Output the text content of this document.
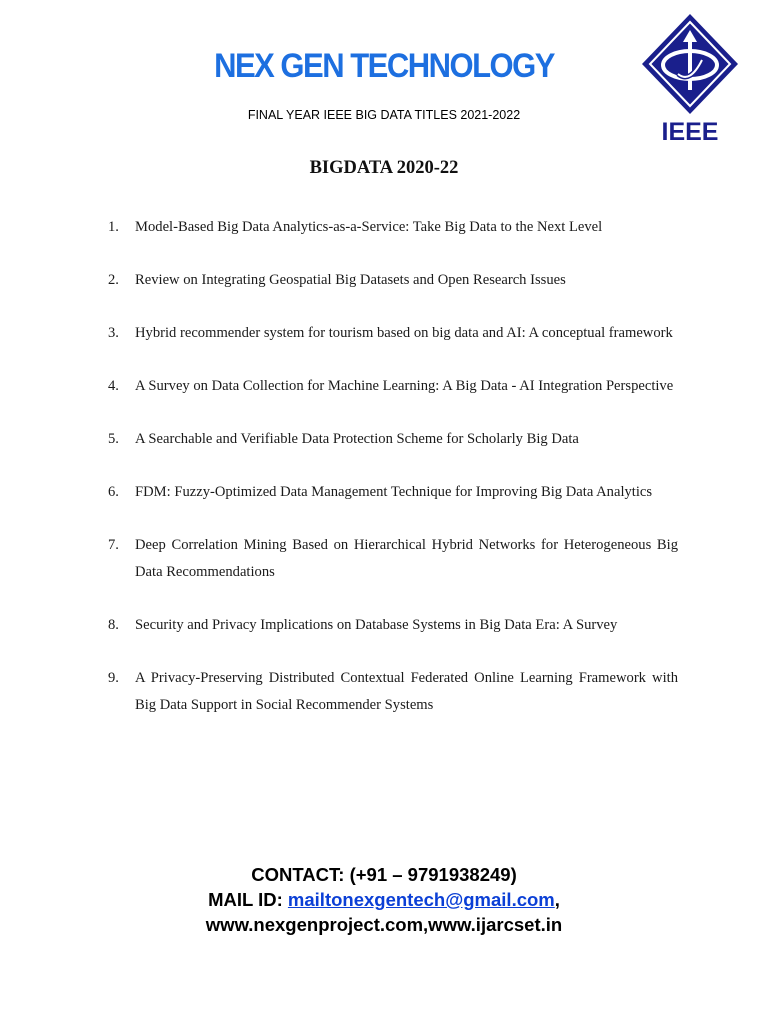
NEX GEN TECHNOLOGY
IEEE
FINAL YEAR IEEE BIG DATA TITLES 2021-2022
BIGDATA 2020-22
1. Model-Based Big Data Analytics-as-a-Service: Take Big Data to the Next Level
2. Review on Integrating Geospatial Big Datasets and Open Research Issues
3. Hybrid recommender system for tourism based on big data and AI: A conceptual framework
4. A Survey on Data Collection for Machine Learning: A Big Data - AI Integration Perspective
5. A Searchable and Verifiable Data Protection Scheme for Scholarly Big Data
6. FDM: Fuzzy-Optimized Data Management Technique for Improving Big Data Analytics
7. Deep Correlation Mining Based on Hierarchical Hybrid Networks for Heterogeneous Big Data Recommendations
8. Security and Privacy Implications on Database Systems in Big Data Era: A Survey
9. A Privacy-Preserving Distributed Contextual Federated Online Learning Framework with Big Data Support in Social Recommender Systems
CONTACT: (+91 – 9791938249)
MAIL ID: mailtonexgentech@gmail.com,
www.nexgenproject.com,www.ijarcset.in
